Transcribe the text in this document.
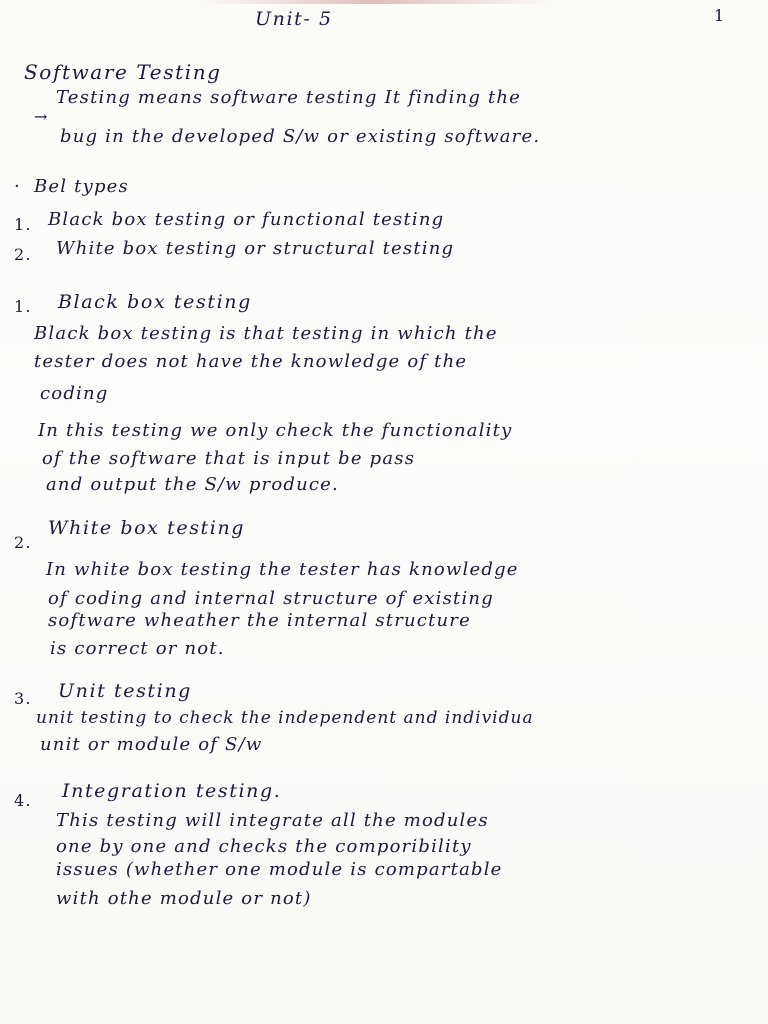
Unit- 5	1
Software Testing
→
Testing means software testing It finding the
bug in the developed S/w or existing software.
· Bel types
1. Black box testing or functional testing
2. White box testing or structural testing
1. Black box testing
Black box testing is that testing in which the
tester does not have the knowledge of the
coding
In this testing we only check the functionality
of the software that is input be pass
and output the S/w produce.
2.
White box testing
In white box testing the tester has knowledge
of coding and internal structure of existing
software wheather the internal structure
is correct or not.
3. Unit testing
unit testing to check the independent and individua
unit or module of S/w
4. Integration testing.
This testing will integrate all the modules
one by one and checks the comporibility
issues (whether one module is compartable
with othe module or not)
